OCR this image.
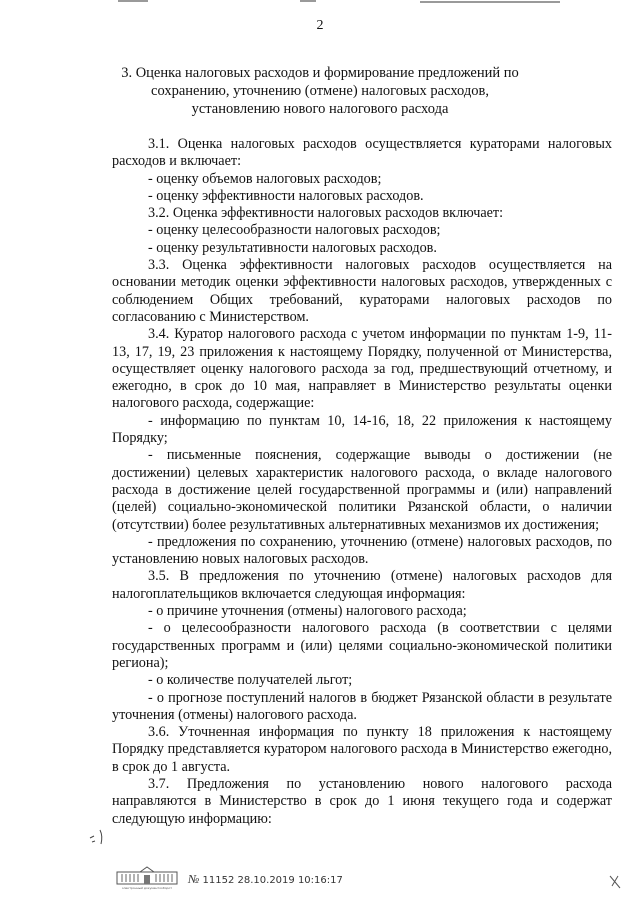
2
3. Оценка налоговых расходов и формирование предложений по сохранению, уточнению (отмене) налоговых расходов, установлению нового налогового расхода

3.1. Оценка налоговых расходов осуществляется кураторами налоговых расходов и включает:

- оценку объемов налоговых расходов;

- оценку эффективности налоговых расходов.

3.2. Оценка эффективности налоговых расходов включает:

- оценку целесообразности налоговых расходов;

- оценку результативности налоговых расходов.

3.3. Оценка эффективности налоговых расходов осуществляется на основании методик оценки эффективности налоговых расходов, утвержденных с соблюдением Общих требований, кураторами налоговых расходов по согласованию с Министерством.

3.4. Куратор налогового расхода с учетом информации по пунктам 1-9, 11-13, 17, 19, 23 приложения к настоящему Порядку, полученной от Министерства, осуществляет оценку налогового расхода за год, предшествующий отчетному, и ежегодно, в срок до 10 мая, направляет в Министерство результаты оценки налогового расхода, содержащие:

- информацию по пунктам 10, 14-16, 18, 22 приложения к настоящему Порядку;

- письменные пояснения, содержащие выводы о достижении (не достижении) целевых характеристик налогового расхода, о вкладе налогового расхода в достижение целей государственной программы и (или) направлений (целей) социально-экономической политики Рязанской области, о наличии (отсутствии) более результативных альтернативных механизмов их достижения;

- предложения по сохранению, уточнению (отмене) налоговых расходов, по установлению новых налоговых расходов.

3.5. В предложения по уточнению (отмене) налоговых расходов для налогоплательщиков включается следующая информация:

- о причине уточнения (отмены) налогового расхода;

- о целесообразности налогового расхода (в соответствии с целями государственных программ и (или) целями социально-экономической политики региона);

- о количестве получателей льгот;

- о прогнозе поступлений налогов в бюджет Рязанской области в результате уточнения (отмены) налогового расхода.

3.6. Уточненная информация по пункту 18 приложения к настоящему Порядку представляется куратором налогового расхода в Министерство ежегодно, в срок до 1 августа.

3.7. Предложения по установлению нового налогового расхода направляются в Министерство в срок до 1 июня текущего года и содержат следующую информацию:

электронный документооборот
№ 11152 28.10.2019 10:16:17
